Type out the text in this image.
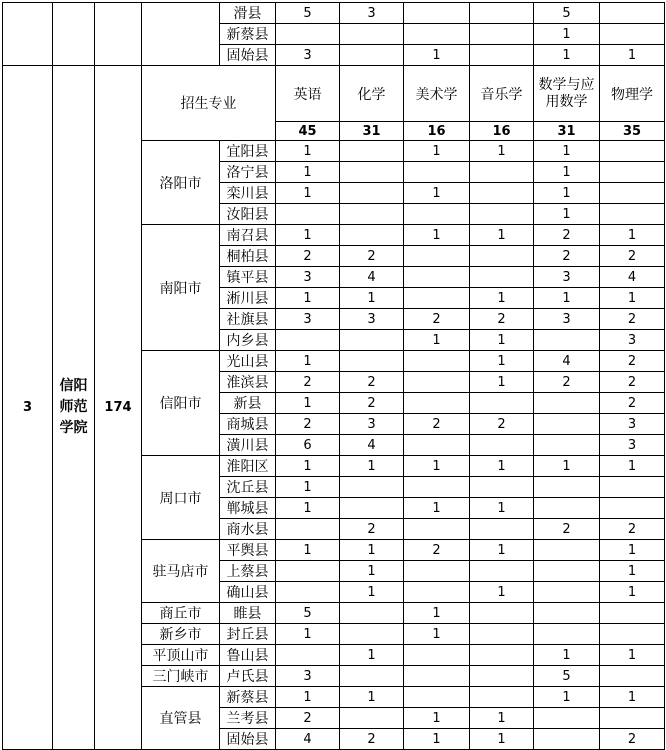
				滑县	5	3			5		
				新蔡县					1		
				固始县	3		1		1	1	
3	信阳师范学院	174	招生专业		英语	化学	美术学	音乐学	数学与应用数学	物理学	
					45	31	16	16	31	35	
			洛阳市	宜阳县	1		1	1	1		
				洛宁县	1				1		
				栾川县	1		1		1		
				汝阳县					1		
			南阳市	南召县	1		1	1	2	1	
				桐柏县	2	2			2	2	
				镇平县	3	4			3	4	
				淅川县	1	1		1	1	1	
				社旗县	3	3	2	2	3	2	
				内乡县			1	1		3	
			信阳市	光山县	1			1	4	2	
				淮滨县	2	2		1	2	2	
				新县	1	2				2	
				商城县	2	3	2	2		3	
				潢川县	6	4				3	
			周口市	淮阳区	1	1	1	1	1	1	
				沈丘县	1						
				郸城县	1		1	1			
				商水县		2			2	2	
			驻马店市	平舆县	1	1	2	1		1	
				上蔡县		1				1	
				确山县		1		1		1	
			商丘市	睢县	5		1				
			新乡市	封丘县	1		1				
			平顶山市	鲁山县		1			1	1	
			三门峡市	卢氏县	3				5		
			直管县	新蔡县	1	1			1	1	
				兰考县	2		1	1			
				固始县	4	2	1	1		2	
